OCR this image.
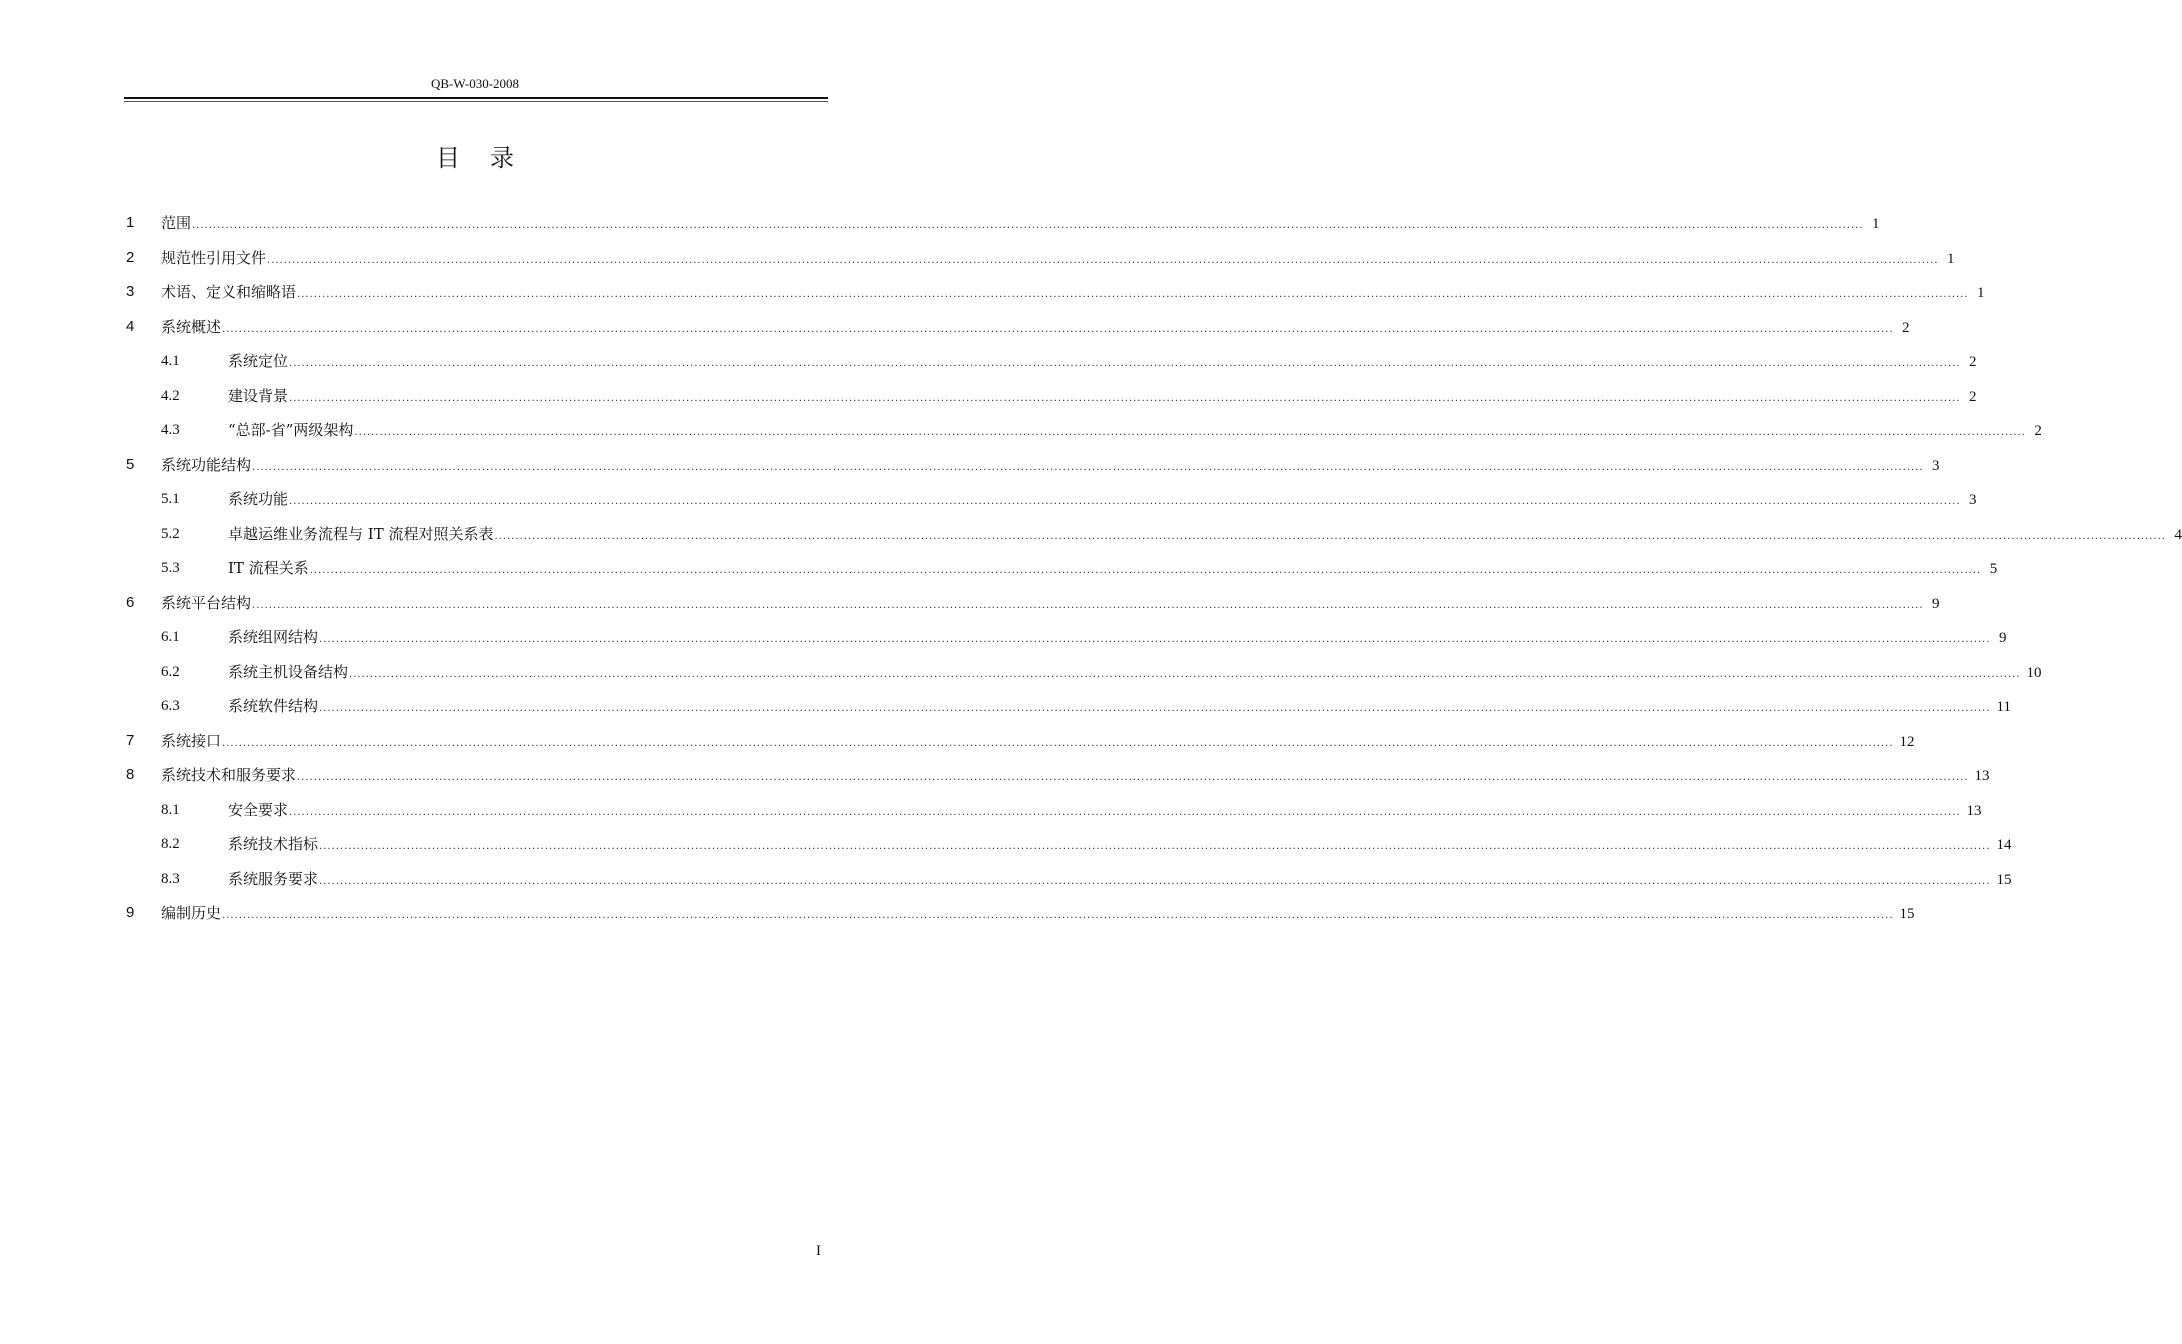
QB-W-030-2008
目录
1 范围 ................................................................................................................................................................................................................................................................................................................................................................................................................ 1
2 规范性引用文件 ................................................................................................................................................................................................................................................................................................................................................................................................................ 1
3 术语、定义和缩略语 ................................................................................................................................................................................................................................................................................................................................................................................................................ 1
4 系统概述 ................................................................................................................................................................................................................................................................................................................................................................................................................ 2
4.1	系统定位 ................................................................................................................................................................................................................................................................................................................................................................................................................ 2
4.2	建设背景 ................................................................................................................................................................................................................................................................................................................................................................................................................ 2
4.3	“总部-省”两级架构 ................................................................................................................................................................................................................................................................................................................................................................................................................ 2
5 系统功能结构 ................................................................................................................................................................................................................................................................................................................................................................................................................ 3
5.1	系统功能 ................................................................................................................................................................................................................................................................................................................................................................................................................ 3
5.2	卓越运维业务流程与 IT 流程对照关系表 ................................................................................................................................................................................................................................................................................................................................................................................................................ 4
5.3	IT 流程关系 ................................................................................................................................................................................................................................................................................................................................................................................................................ 5
6 系统平台结构 ................................................................................................................................................................................................................................................................................................................................................................................................................ 9
6.1	系统组网结构 ................................................................................................................................................................................................................................................................................................................................................................................................................ 9
6.2	系统主机设备结构 ................................................................................................................................................................................................................................................................................................................................................................................................................ 10
6.3	系统软件结构 ................................................................................................................................................................................................................................................................................................................................................................................................................ 11
7 系统接口 ................................................................................................................................................................................................................................................................................................................................................................................................................ 12
8 系统技术和服务要求 ................................................................................................................................................................................................................................................................................................................................................................................................................ 13
8.1	安全要求 ................................................................................................................................................................................................................................................................................................................................................................................................................ 13
8.2	系统技术指标 ................................................................................................................................................................................................................................................................................................................................................................................................................ 14
8.3	系统服务要求 ................................................................................................................................................................................................................................................................................................................................................................................................................ 15
9 编制历史 ................................................................................................................................................................................................................................................................................................................................................................................................................ 15
I
